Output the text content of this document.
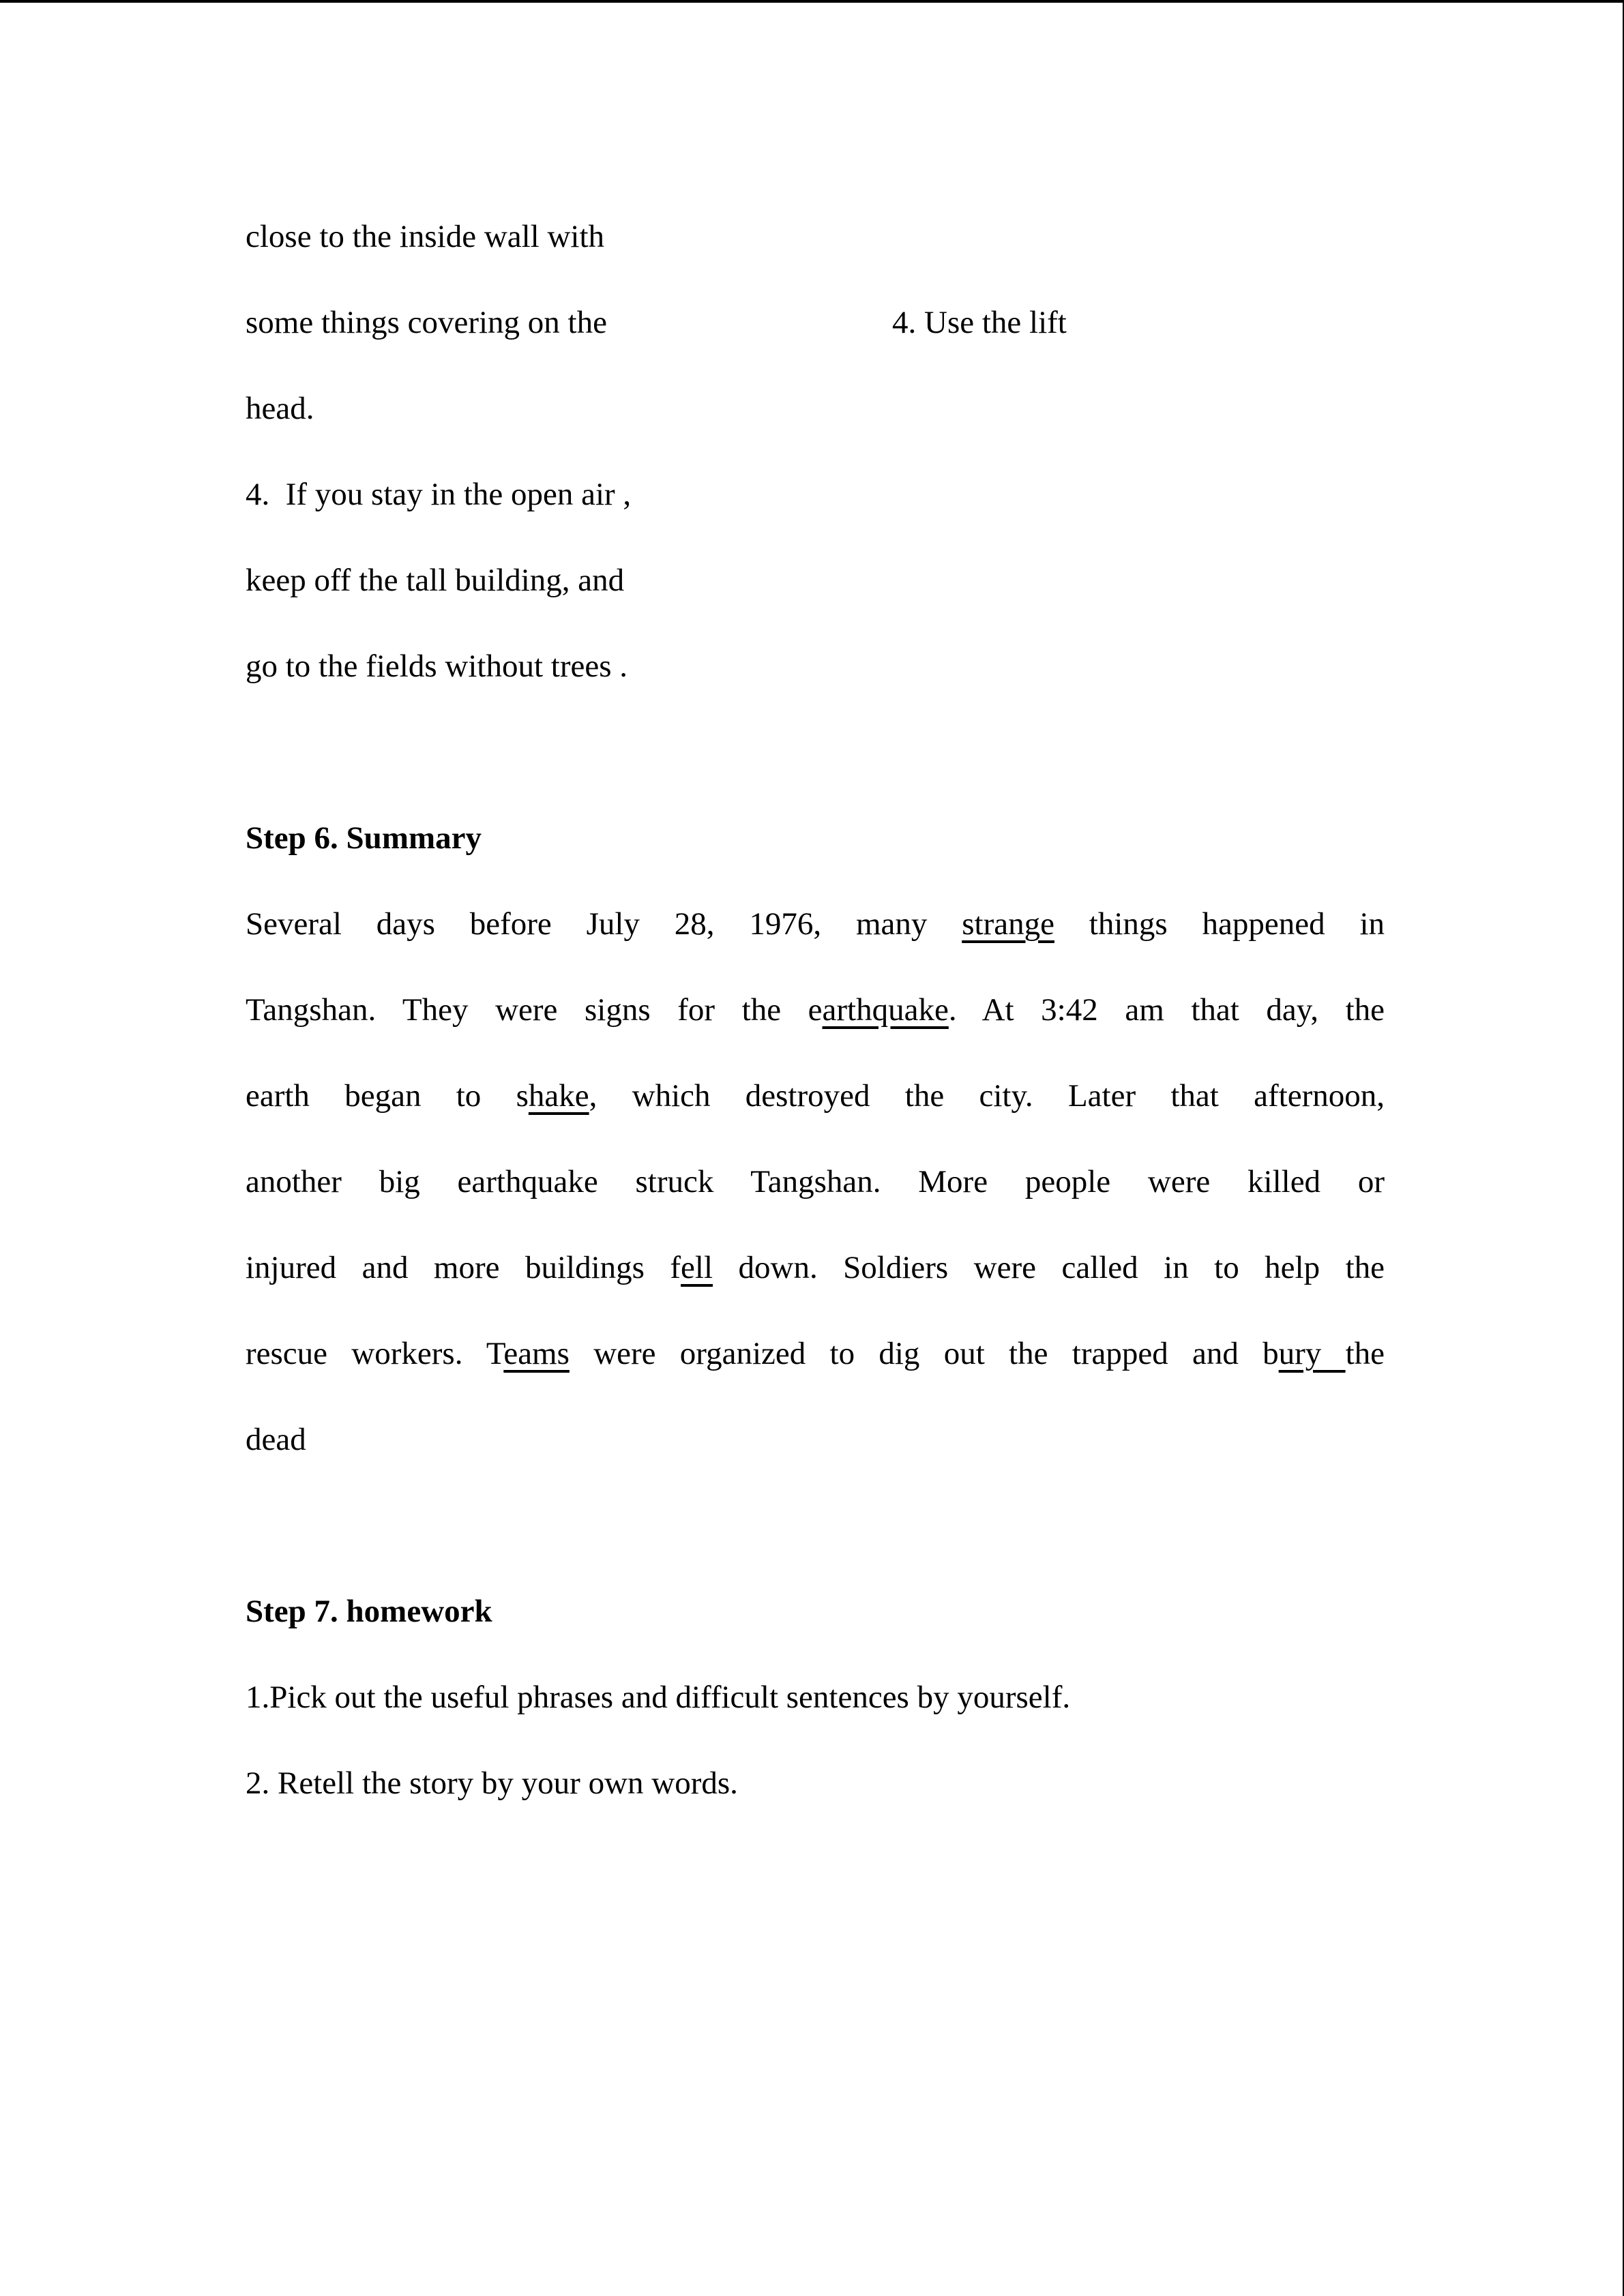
close to the inside wall with
some things covering on the
head.
4.  If you stay in the open air ,
keep off the tall building, and
go to the fields without trees .
4. Use the lift
Step 6. Summary
Several days before July 28, 1976, many strange things happened in
Tangshan. They were signs for the earthquake. At 3:42 am that day, the
earth began to shake, which destroyed the city. Later that afternoon,
another big earthquake struck Tangshan. More people were killed or
injured and more buildings fell down. Soldiers were called in to help the
rescue workers. Teams were organized to dig out the trapped and bury the
dead
Step 7. homework
1.Pick out the useful phrases and difficult sentences by yourself.
2. Retell the story by your own words.
